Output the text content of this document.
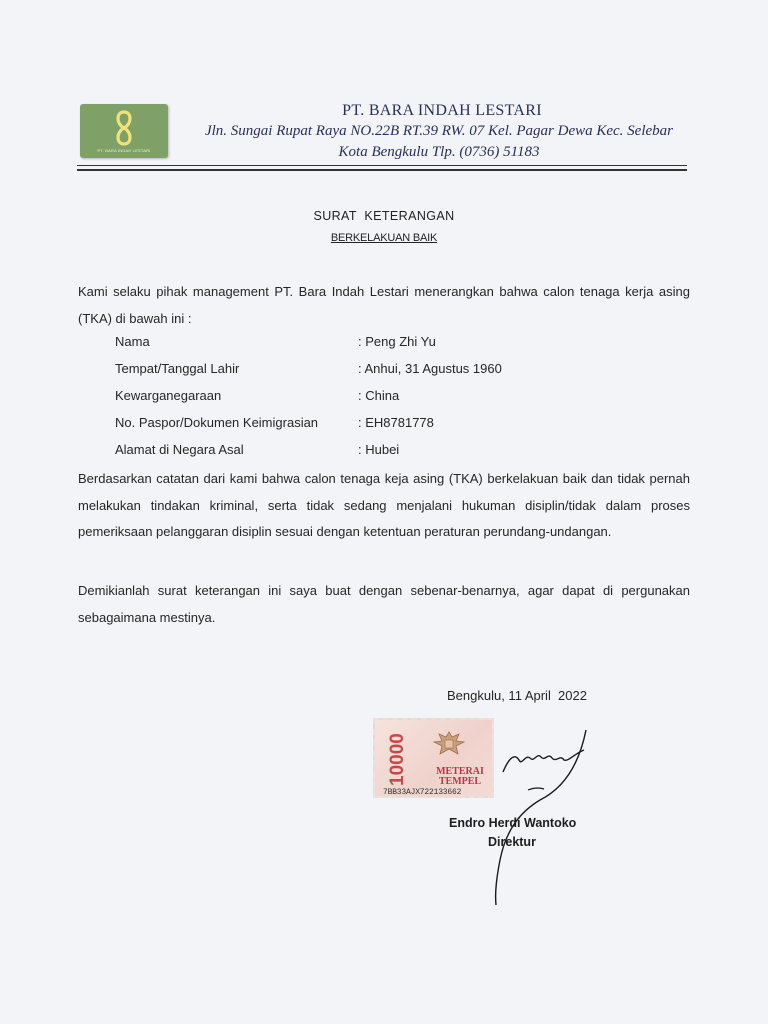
PT. BARA INDAH LESTARI
PT. BARA INDAH LESTARI
Jln. Sungai Rupat Raya NO.22B RT.39 RW. 07 Kel. Pagar Dewa Kec. Selebar
Kota Bengkulu Tlp. (0736) 51183
SURAT  KETERANGAN
BERKELAKUAN BAIK
Kami selaku pihak management PT. Bara Indah Lestari menerangkan bahwa calon tenaga kerja asing (TKA) di bawah ini :
Nama	: Peng Zhi Yu
Tempat/Tanggal Lahir	: Anhui, 31 Agustus 1960
Kewarganegaraan	: China
No. Paspor/Dokumen Keimigrasian	: EH8781778
Alamat di Negara Asal	: Hubei
Berdasarkan catatan dari kami bahwa calon tenaga keja asing (TKA) berkelakuan baik dan tidak pernah melakukan tindakan kriminal, serta tidak sedang menjalani hukuman disiplin/tidak dalam proses pemeriksaan pelanggaran disiplin sesuai dengan ketentuan peraturan perundang-undangan.
Demikianlah surat keterangan ini saya buat dengan sebenar-benarnya, agar dapat di pergunakan sebagaimana mestinya.
Bengkulu, 11 April  2022
10000	METERAI
TEMPEL
7BB33AJX722133662
Endro Herdi Wantoko
Direktur
